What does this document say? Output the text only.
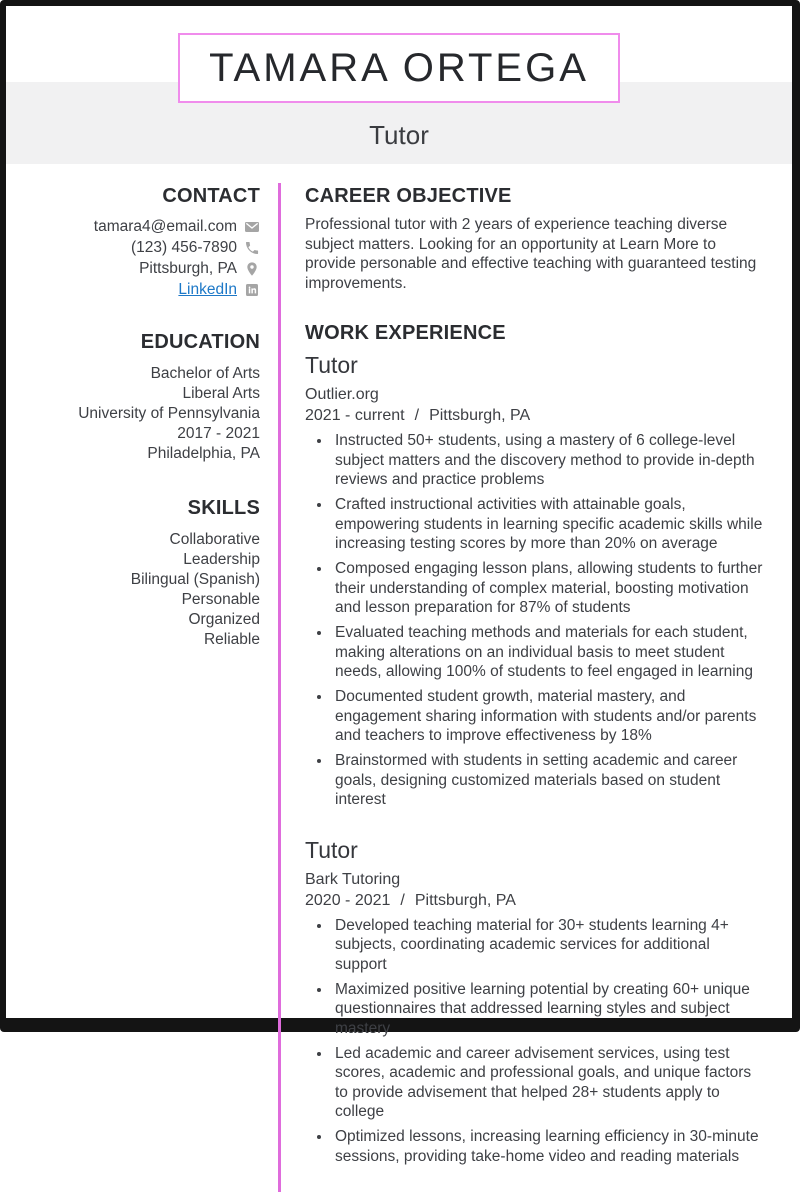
Tutor
TAMARA ORTEGA
CONTACT
tamara4@email.com
(123) 456-7890
Pittsburgh, PA
LinkedIn
EDUCATION
Bachelor of Arts
Liberal Arts
University of Pennsylvania
2017 - 2021
Philadelphia, PA
SKILLS
Collaborative
Leadership
Bilingual (Spanish)
Personable
Organized
Reliable
CAREER OBJECTIVE

Professional tutor with 2 years of experience teaching diverse subject matters. Looking for an opportunity at Learn More to provide personable and effective teaching with guaranteed testing improvements.

WORK EXPERIENCE
Tutor
Outlier.org
2021 - current / Pittsburgh, PA
• Instructed 50+ students, using a mastery of 6 college-level subject matters and the discovery method to provide in-depth reviews and practice problems
• Crafted instructional activities with attainable goals, empowering students in learning specific academic skills while increasing testing scores by more than 20% on average
• Composed engaging lesson plans, allowing students to further their understanding of complex material, boosting motivation and lesson preparation for 87% of students
• Evaluated teaching methods and materials for each student, making alterations on an individual basis to meet student needs, allowing 100% of students to feel engaged in learning
• Documented student growth, material mastery, and engagement sharing information with students and/or parents and teachers to improve effectiveness by 18%
• Brainstormed with students in setting academic and career goals, designing customized materials based on student interest
Tutor
Bark Tutoring
2020 - 2021 / Pittsburgh, PA
• Developed teaching material for 30+ students learning 4+ subjects, coordinating academic services for additional support
• Maximized positive learning potential by creating 60+ unique questionnaires that addressed learning styles and subject mastery
• Led academic and career advisement services, using test scores, academic and professional goals, and unique factors to provide advisement that helped 28+ students apply to college
• Optimized lessons, increasing learning efficiency in 30-minute sessions, providing take-home video and reading materials
